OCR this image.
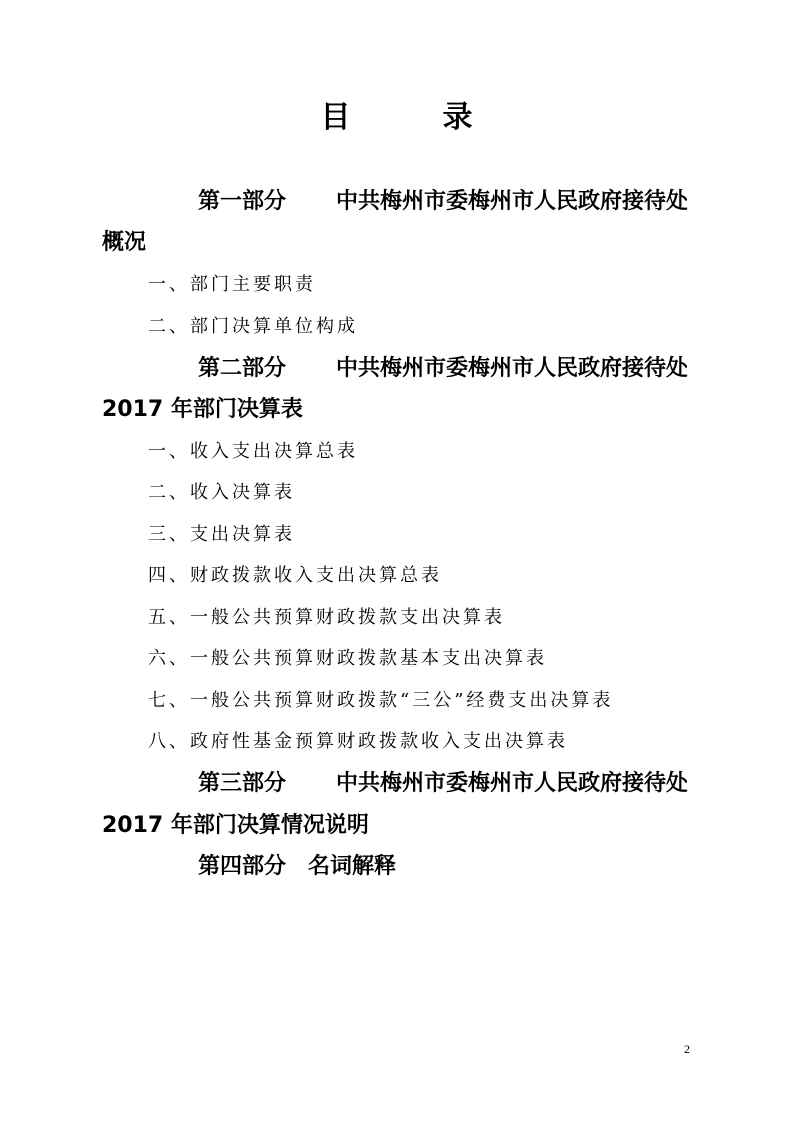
目	录
第一部分 中共梅州市委梅州市人民政府接待处
概况
一、部门主要职责
二、部门决算单位构成
第二部分 中共梅州市委梅州市人民政府接待处
2017 年部门决算表
一、收入支出决算总表
二、收入决算表
三、支出决算表
四、财政拨款收入支出决算总表
五、一般公共预算财政拨款支出决算表
六、一般公共预算财政拨款基本支出决算表
七、一般公共预算财政拨款“三公”经费支出决算表
八、政府性基金预算财政拨款收入支出决算表
第三部分 中共梅州市委梅州市人民政府接待处
2017 年部门决算情况说明
第四部分 名词解释
2
